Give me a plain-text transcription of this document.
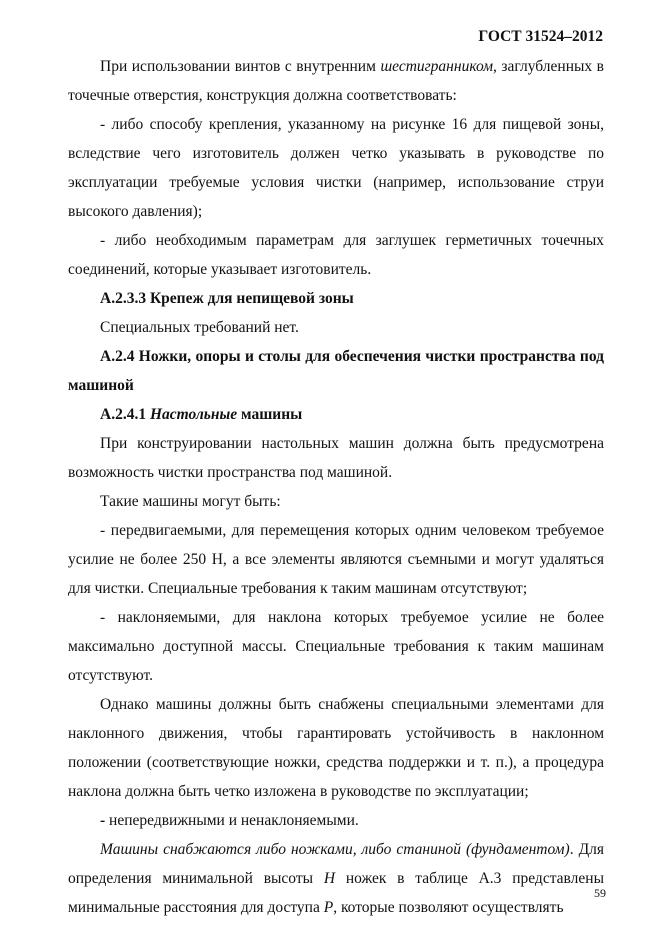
ГОСТ 31524–2012

При использовании винтов с внутренним шестигранником, заглубленных в точечные отверстия, конструкция должна соответствовать:

- либо способу крепления, указанному на рисунке 16 для пищевой зоны, вследствие чего изготовитель должен четко указывать в руководстве по эксплуатации требуемые условия чистки (например, использование струи высокого давления);

- либо необходимым параметрам для заглушек герметичных точечных соединений, которые указывает изготовитель.

А.2.3.3 Крепеж для непищевой зоны

Специальных требований нет.

А.2.4 Ножки, опоры и столы для обеспечения чистки пространства под машиной

А.2.4.1 Настольные машины

При конструировании настольных машин должна быть предусмотрена возможность чистки пространства под машиной.

Такие машины могут быть:

- передвигаемыми, для перемещения которых одним человеком требуемое усилие не более 250 Н, а все элементы являются съемными и могут удаляться для чистки. Специальные требования к таким машинам отсутствуют;

- наклоняемыми, для наклона которых требуемое усилие не более максимально доступной массы. Специальные требования к таким машинам отсутствуют.

Однако машины должны быть снабжены специальными элементами для наклонного движения, чтобы гарантировать устойчивость в наклонном положении (соответствующие ножки, средства поддержки и т. п.), а процедура наклона должна быть четко изложена в руководстве по эксплуатации;

- непередвижными и ненаклоняемыми.

Машины снабжаются либо ножками, либо станиной (фундаментом). Для определения минимальной высоты Н ножек в таблице А.3 представлены минимальные расстояния для доступа Р, которые позволяют осуществлять

59
